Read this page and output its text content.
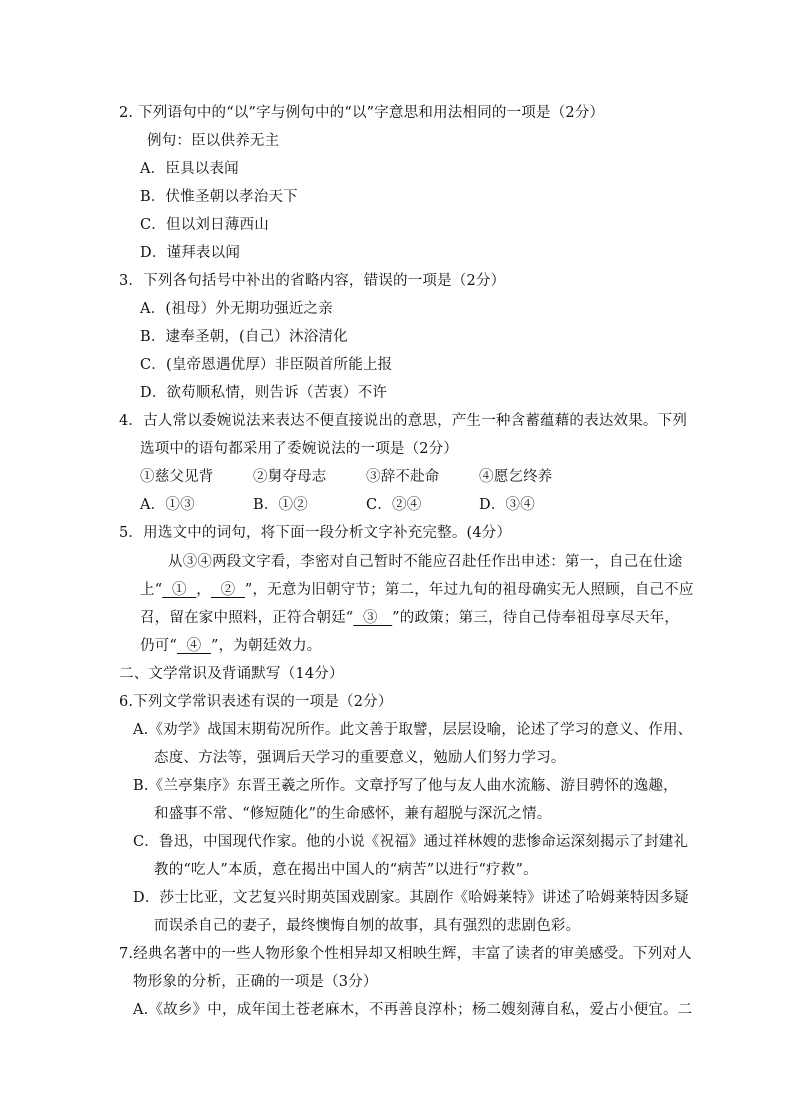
2. 下列语句中的“以”字与例句中的“以”字意思和用法相同的一项是（2分）
例句：臣以供养无主
A．臣具以表闻
B．伏惟圣朝以孝治天下
C．但以刘日薄西山
D．谨拜表以闻
3．下列各句括号中补出的省略内容，错误的一项是（2分）
A．(祖母）外无期功强近之亲
B．逮奉圣朝，(自己）沐浴清化
C．(皇帝恩遇优厚）非臣陨首所能上报
D．欲苟顺私情，则告诉（苦衷）不许
4．古人常以委婉说法来表达不便直接说出的意思，产生一种含蓄蕴藉的表达效果。下列
选项中的语句都采用了委婉说法的一项是（2分）
①慈父见背	②舅夺母志	③辞不赴命	④愿乞终养
A．①③	B．①②	C．②④	D．③④
5．用选文中的词句，将下面一段分析文字补充完整。(4分）
从③④两段文字看，李密对自己暂时不能应召赴任作出申述：第一，自己在仕途
上“  ①  ，  ②  ”，无意为旧朝守节；第二，年过九旬的祖母确实无人照顾，自己不应
召，留在家中照料，正符合朝廷“  ③   ”的政策；第三，待自己侍奉祖母享尽天年，
仍可“  ④  ”，为朝廷效力。
二、文学常识及背诵默写（14分）
6.下列文学常识表述有误的一项是（2分）
A.《劝学》战国末期荀况所作。此文善于取譬，层层设喻，论述了学习的意义、作用、
态度、方法等，强调后天学习的重要意义，勉励人们努力学习。
B.《兰亭集序》东晋王羲之所作。文章抒写了他与友人曲水流觞、游目骋怀的逸趣，
和盛事不常、“修短随化”的生命感怀，兼有超脱与深沉之情。
C．鲁迅，中国现代作家。他的小说《祝福》通过祥林嫂的悲惨命运深刻揭示了封建礼
教的“吃人”本质，意在揭出中国人的“病苦”以进行“疗救”。
D．莎士比亚，文艺复兴时期英国戏剧家。其剧作《哈姆莱特》讲述了哈姆莱特因多疑
而误杀自己的妻子，最终懊悔自刎的故事，具有强烈的悲剧色彩。
7.经典名著中的一些人物形象个性相异却又相映生辉，丰富了读者的审美感受。下列对人
物形象的分析，正确的一项是（3分）
A.《故乡》中，成年闰土苍老麻木，不再善良淳朴；杨二嫂刻薄自私，爱占小便宜。二
